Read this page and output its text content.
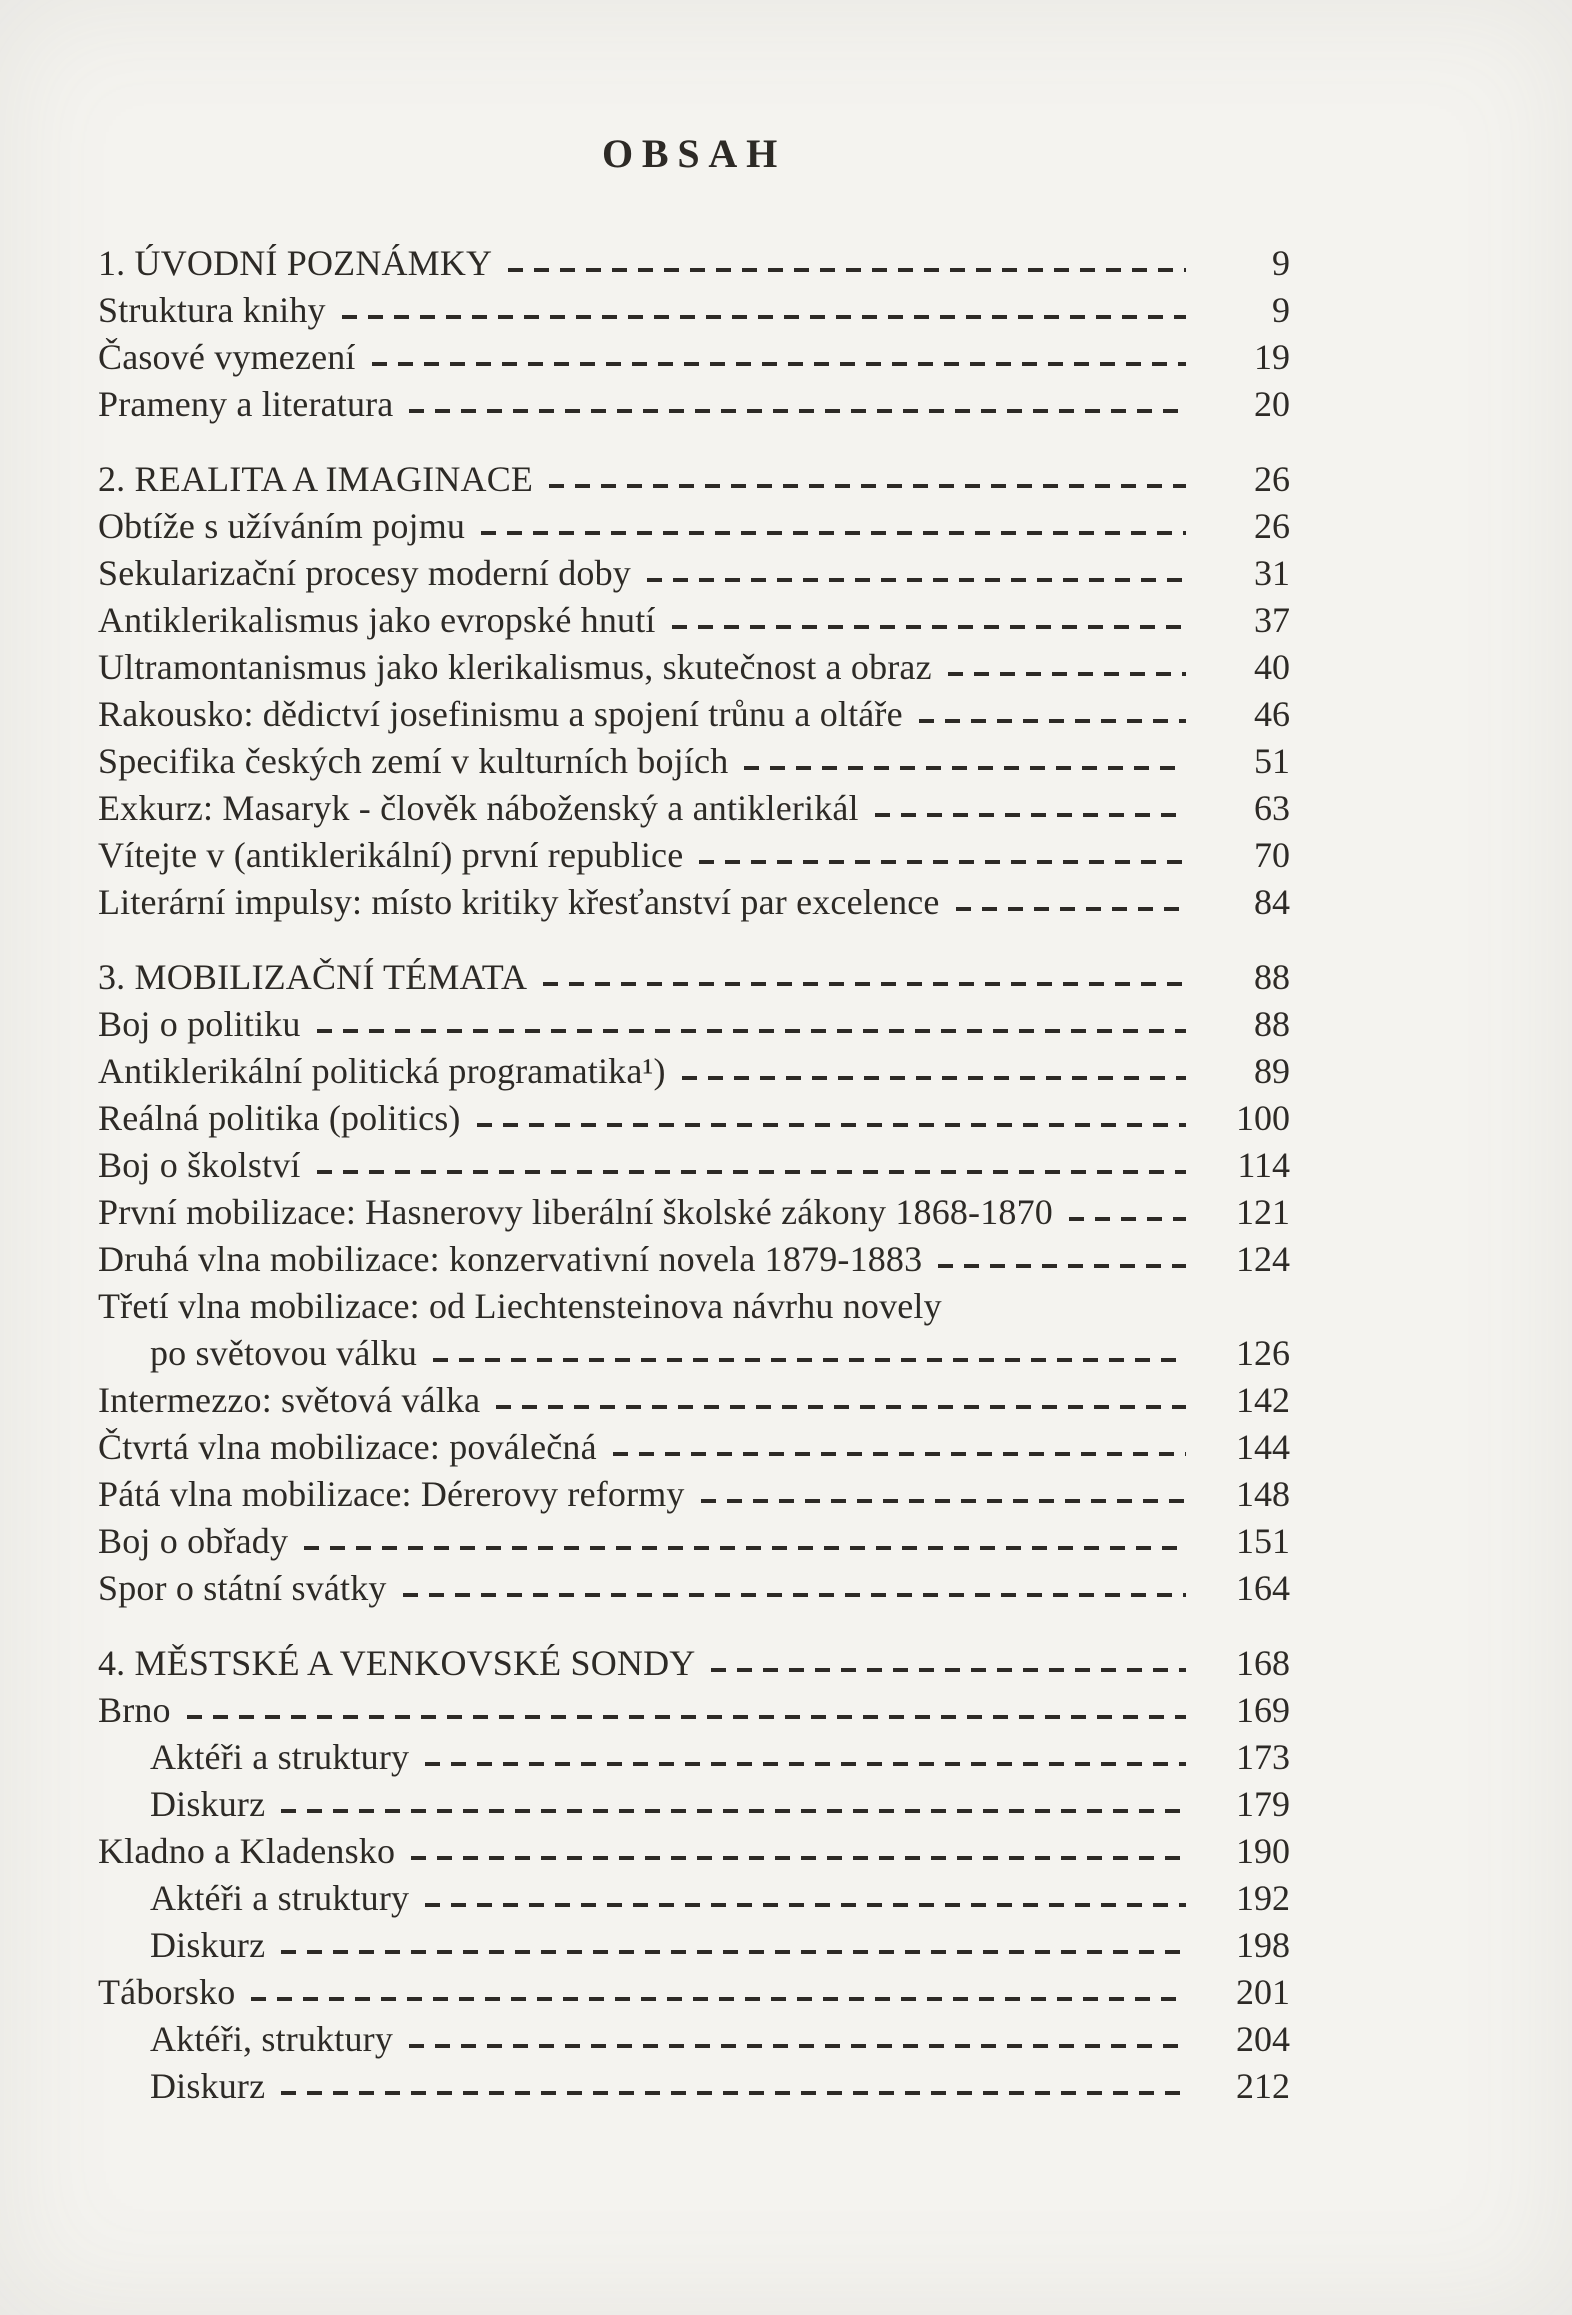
OBSAH
1. ÚVODNÍ POZNÁMKY	9
Struktura knihy	9
Časové vymezení	19
Prameny a literatura	20
2. REALITA A IMAGINACE	26
Obtíže s užíváním pojmu	26
Sekularizační procesy moderní doby	31
Antiklerikalismus jako evropské hnutí	37
Ultramontanismus jako klerikalismus, skutečnost a obraz	40
Rakousko: dědictví josefinismu a spojení trůnu a oltáře	46
Specifika českých zemí v kulturních bojích	51
Exkurz: Masaryk - člověk náboženský a antiklerikál	63
Vítejte v (antiklerikální) první republice	70
Literární impulsy: místo kritiky křesťanství par excelence	84
3. MOBILIZAČNÍ TÉMATA	88
Boj o politiku	88
Antiklerikální politická programatika¹)	89
Reálná politika (politics)	100
Boj o školství	114
První mobilizace: Hasnerovy liberální školské zákony 1868-1870	121
Druhá vlna mobilizace: konzervativní novela 1879-1883	124
Třetí vlna mobilizace: od Liechtensteinova návrhu novely
po světovou válku	126
Intermezzo: světová válka	142
Čtvrtá vlna mobilizace: poválečná	144
Pátá vlna mobilizace: Dérerovy reformy	148
Boj o obřady	151
Spor o státní svátky	164
4. MĚSTSKÉ A VENKOVSKÉ SONDY	168
Brno	169
Aktéři a struktury	173
Diskurz	179
Kladno a Kladensko	190
Aktéři a struktury	192
Diskurz	198
Táborsko	201
Aktéři, struktury	204
Diskurz	212
